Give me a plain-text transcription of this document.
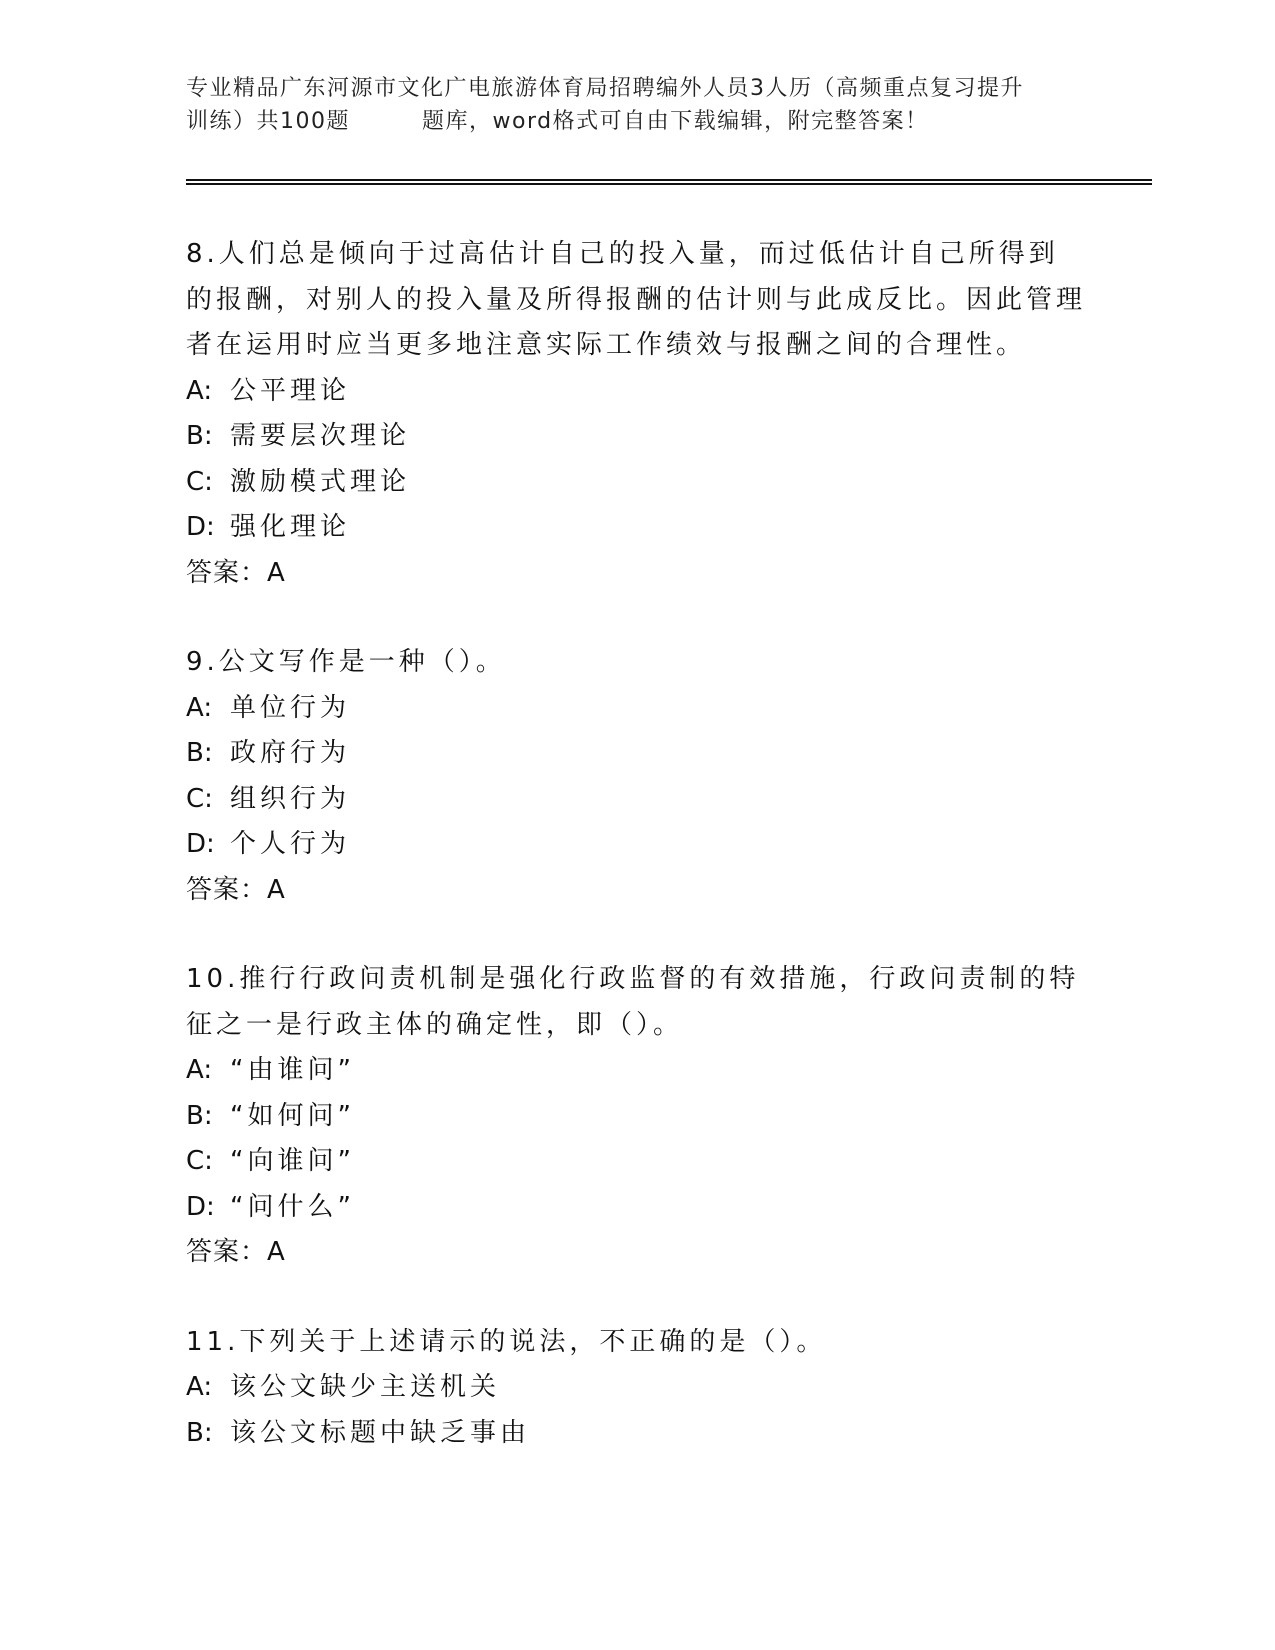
专业精品广东河源市文化广电旅游体育局招聘编外人员3人历（高频重点复习提升
训练）共100题	题库，word格式可自由下载编辑，附完整答案！

8.人们总是倾向于过高估计自己的投入量，而过低估计自己所得到的报酬，对别人的投入量及所得报酬的估计则与此成反比。因此管理者在运用时应当更多地注意实际工作绩效与报酬之间的合理性。

A: 公平理论

B: 需要层次理论

C: 激励模式理论

D: 强化理论

答案：A

9.公文写作是一种（）。

A: 单位行为

B: 政府行为

C: 组织行为

D: 个人行为

答案：A

10.推行行政问责机制是强化行政监督的有效措施，行政问责制的特征之一是行政主体的确定性，即（）。

A: “由谁问”

B: “如何问”

C: “向谁问”

D: “问什么”

答案：A

11.下列关于上述请示的说法，不正确的是（）。

A: 该公文缺少主送机关

B: 该公文标题中缺乏事由
